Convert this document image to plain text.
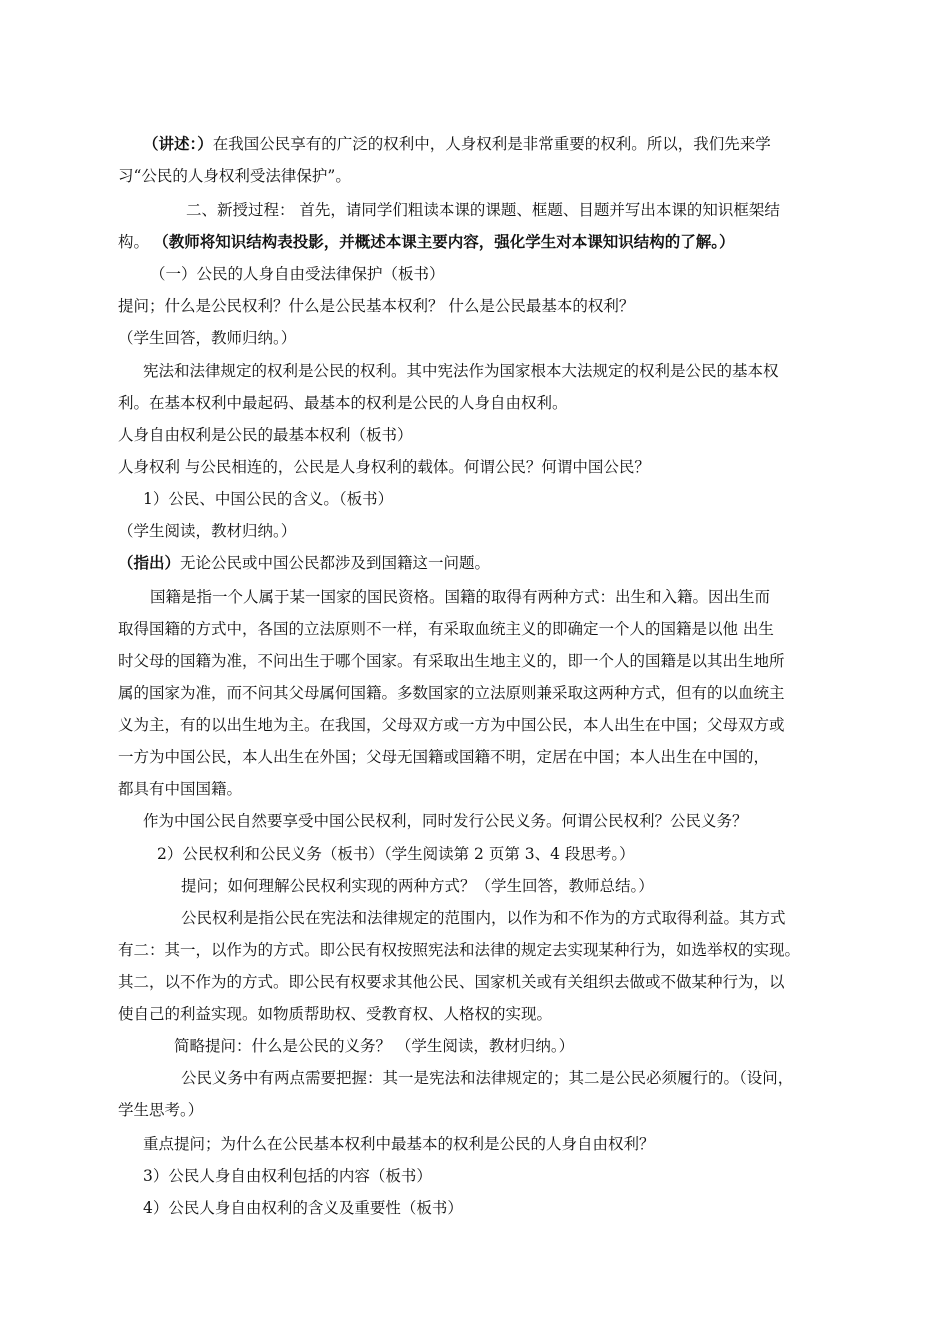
（讲述：）在我国公民享有的广泛的权利中，人身权利是非常重要的权利。所以，我们先来学
习“公民的人身权利受法律保护”。
二、新授过程： 首先，请同学们粗读本课的课题、框题、目题并写出本课的知识框架结
构。 （教师将知识结构表投影，并概述本课主要内容，强化学生对本课知识结构的了解。）
（一）公民的人身自由受法律保护（板书）
提问；什么是公民权利？什么是公民基本权利？ 什么是公民最基本的权利？
（学生回答，教师归纳。）
宪法和法律规定的权利是公民的权利。其中宪法作为国家根本大法规定的权利是公民的基本权
利。在基本权利中最起码、最基本的权利是公民的人身自由权利。
人身自由权利是公民的最基本权利（板书）
人身权利 与公民相连的，公民是人身权利的载体。何谓公民？何谓中国公民？
1）公民、中国公民的含义。（板书）
（学生阅读，教材归纳。）
（指出）无论公民或中国公民都涉及到国籍这一问题。
国籍是指一个人属于某一国家的国民资格。国籍的取得有两种方式：出生和入籍。因出生而
取得国籍的方式中，各国的立法原则不一样，有采取血统主义的即确定一个人的国籍是以他 出生
时父母的国籍为准，不问出生于哪个国家。有采取出生地主义的，即一个人的国籍是以其出生地所
属的国家为准，而不问其父母属何国籍。多数国家的立法原则兼采取这两种方式，但有的以血统主
义为主，有的以出生地为主。在我国，父母双方或一方为中国公民，本人出生在中国；父母双方或
一方为中国公民，本人出生在外国；父母无国籍或国籍不明，定居在中国；本人出生在中国的，
都具有中国国籍。
作为中国公民自然要享受中国公民权利，同时发行公民义务。何谓公民权利？公民义务？
2）公民权利和公民义务（板书）（学生阅读第 2 页第 3、4 段思考。）
提问；如何理解公民权利实现的两种方式？（学生回答，教师总结。）
公民权利是指公民在宪法和法律规定的范围内，以作为和不作为的方式取得利益。其方式
有二：其一，以作为的方式。即公民有权按照宪法和法律的规定去实现某种行为，如选举权的实现。
其二，以不作为的方式。即公民有权要求其他公民、国家机关或有关组织去做或不做某种行为，以
使自己的利益实现。如物质帮助权、受教育权、人格权的实现。
简略提问：什么是公民的义务？ （学生阅读，教材归纳。）
公民义务中有两点需要把握：其一是宪法和法律规定的；其二是公民必须履行的。（设问，
学生思考。）
重点提问；为什么在公民基本权利中最基本的权利是公民的人身自由权利？
3）公民人身自由权利包括的内容（板书）
4）公民人身自由权利的含义及重要性（板书）
